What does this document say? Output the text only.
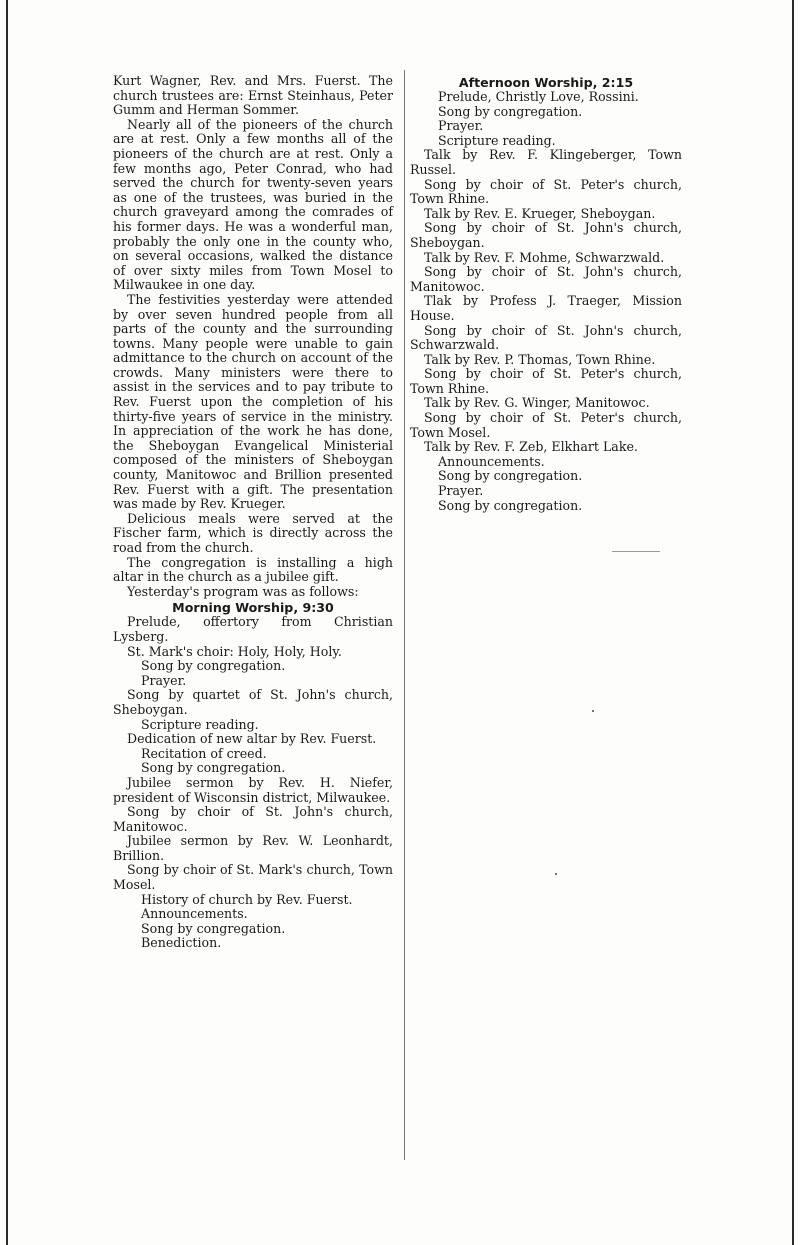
Kurt Wagner, Rev. and Mrs. Fuerst. The church trustees are: Ernst Steinhaus, Peter Gumm and Herman Sommer.

Nearly all of the pioneers of the church are at rest. Only a few months all of the pioneers of the church are at rest. Only a few months ago, Peter Conrad, who had served the church for twenty-seven years as one of the trustees, was buried in the church graveyard among the comrades of his former days. He was a wonderful man, probably the only one in the county who, on several occasions, walked the distance of over sixty miles from Town Mosel to Milwaukee in one day.

The festivities yesterday were attended by over seven hundred people from all parts of the county and the surrounding towns. Many people were unable to gain admittance to the church on account of the crowds. Many ministers were there to assist in the services and to pay tribute to Rev. Fuerst upon the completion of his thirty-five years of service in the ministry. In appreciation of the work he has done, the Sheboygan Evangelical Ministerial composed of the ministers of Sheboygan county, Manitowoc and Brillion presented Rev. Fuerst with a gift. The presentation was made by Rev. Krueger.

Delicious meals were served at the Fischer farm, which is directly across the road from the church.

The congregation is installing a high altar in the church as a jubilee gift.

Yesterday's program was as follows:

Morning Worship, 9:30

Prelude, offertory from Christian Lysberg.

St. Mark's choir: Holy, Holy, Holy.

Song by congregation.

Prayer.

Song by quartet of St. John's church, Sheboygan.

Scripture reading.

Dedication of new altar by Rev. Fuerst.

Recitation of creed.

Song by congregation.

Jubilee sermon by Rev. H. Niefer, president of Wisconsin district, Milwaukee.

Song by choir of St. John's church, Manitowoc.

Jubilee sermon by Rev. W. Leonhardt, Brillion.

Song by choir of St. Mark's church, Town Mosel.

History of church by Rev. Fuerst.

Announcements.

Song by congregation.

Benediction.

Afternoon Worship, 2:15

Prelude, Christly Love, Rossini.

Song by congregation.

Prayer.

Scripture reading.

Talk by Rev. F. Klingeberger, Town Russel.

Song by choir of St. Peter's church, Town Rhine.

Talk by Rev. E. Krueger, Sheboygan.

Song by choir of St. John's church, Sheboygan.

Talk by Rev. F. Mohme, Schwarzwald.

Song by choir of St. John's church, Manitowoc.

Tlak by Profess J. Traeger, Mission House.

Song by choir of St. John's church, Schwarzwald.

Talk by Rev. P. Thomas, Town Rhine.

Song by choir of St. Peter's church, Town Rhine.

Talk by Rev. G. Winger, Manitowoc.

Song by choir of St. Peter's church, Town Mosel.

Talk by Rev. F. Zeb, Elkhart Lake.

Announcements.

Song by congregation.

Prayer.

Song by congregation.
